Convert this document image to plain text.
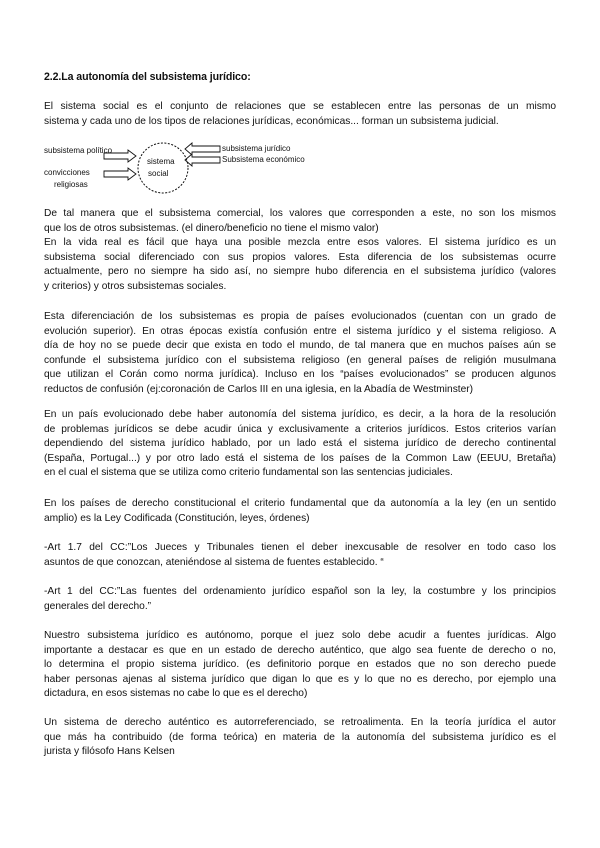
2.2.La autonomía del subsistema jurídico:

El sistema social es el conjunto de relaciones que se establecen entre las personas de un mismo
sistema y cada uno de los tipos de relaciones jurídicas, económicas... forman un subsistema judicial.

subsistema político
convicciones
religiosas
sistema
social
subsistema jurídico
Subsistema económico

De tal manera que el subsistema comercial, los valores que corresponden a este, no son los mismos
que los de otros subsistemas. (el dinero/beneficio no tiene el mismo valor)
En la vida real es fácil que haya una posible mezcla entre esos valores. El sistema jurídico es un
subsistema social diferenciado con sus propios valores. Esta diferencia de los subsistemas ocurre
actualmente, pero no siempre ha sido así, no siempre hubo diferencia en el subsistema jurídico (valores
y criterios) y otros subsistemas sociales.

Esta diferenciación de los subsistemas es propia de países evolucionados (cuentan con un grado de
evolución superior). En otras épocas existía confusión entre el sistema jurídico y el sistema religioso. A
día de hoy no se puede decir que exista en todo el mundo, de tal manera que en muchos países aún se
confunde el subsistema jurídico con el subsistema religioso (en general países de religión musulmana
que utilizan el Corán como norma jurídica). Incluso en los “países evolucionados” se producen algunos
reductos de confusión (ej:coronación de Carlos III en una iglesia, en la Abadía de Westminster)

En un país evolucionado debe haber autonomía del sistema jurídico, es decir, a la hora de la resolución
de problemas jurídicos se debe acudir única y exclusivamente a criterios jurídicos. Estos criterios varían
dependiendo del sistema jurídico hablado, por un lado está el sistema jurídico de derecho continental
(España, Portugal...) y por otro lado está el sistema de los países de la Common Law (EEUU, Bretaña)
en el cual el sistema que se utiliza como criterio fundamental son las sentencias judiciales.

En los países de derecho constitucional el criterio fundamental que da autonomía a la ley (en un sentido
amplio) es la Ley Codificada (Constitución, leyes, órdenes)

-Art 1.7 del CC:”Los Jueces y Tribunales tienen el deber inexcusable de resolver en todo caso los
asuntos de que conozcan, ateniéndose al sistema de fuentes establecido. “

-Art 1 del CC:”Las fuentes del ordenamiento jurídico español son la ley, la costumbre y los principios
generales del derecho.”

Nuestro subsistema jurídico es autónomo, porque el juez solo debe acudir a fuentes jurídicas. Algo
importante a destacar es que en un estado de derecho auténtico, que algo sea fuente de derecho o no,
lo determina el propio sistema jurídico. (es definitorio porque en estados que no son derecho puede
haber personas ajenas al sistema jurídico que digan lo que es y lo que no es derecho, por ejemplo una
dictadura, en esos sistemas no cabe lo que es el derecho)

Un sistema de derecho auténtico es autorreferenciado, se retroalimenta. En la teoría jurídica el autor
que más ha contribuido (de forma teórica) en materia de la autonomía del subsistema jurídico es el
jurista y filósofo Hans Kelsen
